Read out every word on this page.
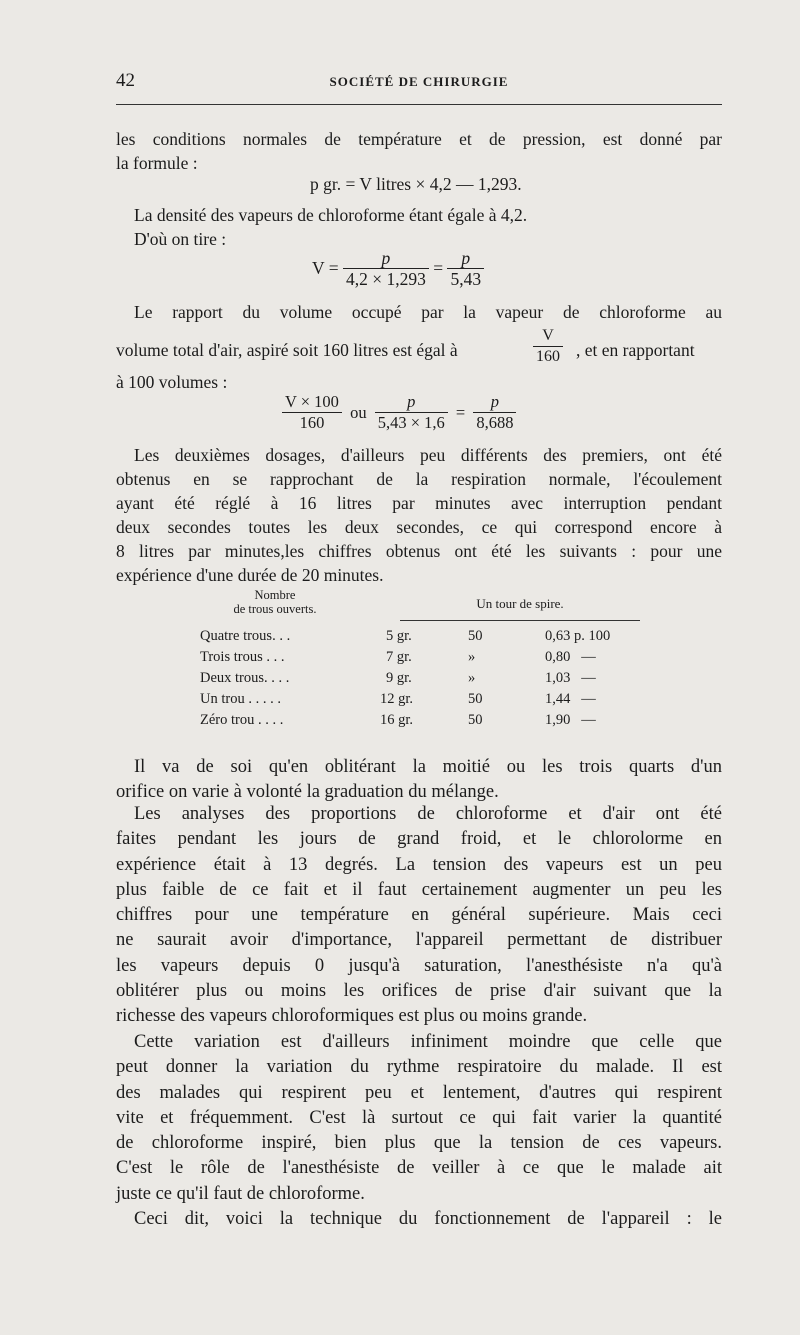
42	SOCIÉTÉ DE CHIRURGIE
les conditions normales de température et de pression, est donné par
la formule :
p gr. = V litres × 4,2 — 1,293.
La densité des vapeurs de chloroforme étant égale à 4,2.
D'où on tire :
$V = \frac{p}{4,2 \times 1,293} = \frac{p}{5,43}$
Le rapport du volume occupé par la vapeur de chloroforme au
volume total d'air, aspiré soit 160 litres est égal à	$\frac{V}{160}$ , et en rapportant
à 100 volumes :
$\frac{V \times 100}{160}$ ou $\frac{p}{5,43 \times 1,6} = \frac{p}{8,688}$
Les deuxièmes dosages, d'ailleurs peu différents des premiers, ont été
obtenus en se rapprochant de la respiration normale, l'écoulement
ayant été réglé à 16 litres par minutes avec interruption pendant
deux secondes toutes les deux secondes, ce qui correspond encore à
8 litres par minutes,les chiffres obtenus ont été les suivants : pour une
expérience d'une durée de 20 minutes.
Nombre
de trous ouverts.	Un tour de spire.
Quatre trous. . .	5 gr.	50	0,63 p. 100
Trois trous . . .	7 gr.	»	0,80   —
Deux trous. . . .	9 gr.	»	1,03   —
Un trou . . . . .	12 gr.	50	1,44   —
Zéro trou . . . .	16 gr.	50	1,90   —
Il va de soi qu'en oblitérant la moitié ou les trois quarts d'un
orifice on varie à volonté la graduation du mélange.
Les analyses des proportions de chloroforme et d'air ont été
faites pendant les jours de grand froid, et le chlorolorme en
expérience était à 13 degrés. La tension des vapeurs est un peu
plus faible de ce fait et il faut certainement augmenter un peu les
chiffres pour une température en général supérieure. Mais ceci
ne saurait avoir d'importance, l'appareil permettant de distribuer
les vapeurs depuis 0 jusqu'à saturation, l'anesthésiste n'a qu'à
oblitérer plus ou moins les orifices de prise d'air suivant que la
richesse des vapeurs chloroformiques est plus ou moins grande.
Cette variation est d'ailleurs infiniment moindre que celle que
peut donner la variation du rythme respiratoire du malade. Il est
des malades qui respirent peu et lentement, d'autres qui respirent
vite et fréquemment. C'est là surtout ce qui fait varier la quantité
de chloroforme inspiré, bien plus que la tension de ces vapeurs.
C'est le rôle de l'anesthésiste de veiller à ce que le malade ait
juste ce qu'il faut de chloroforme.
Ceci dit, voici la technique du fonctionnement de l'appareil : le
